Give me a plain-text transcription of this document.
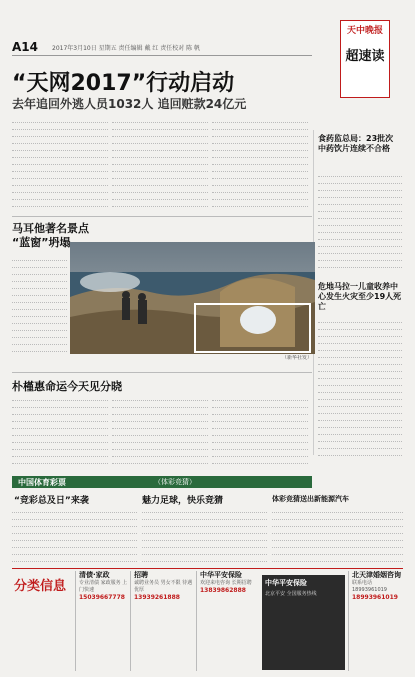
A14 2017年3月10日 星期五 责任编辑 戴 红 责任校对 陈 帆
天中晚报
超速读
“天网2017”行动启动
去年追回外逃人员1032人 追回赃款24亿元
食药监总局：23批次中药饮片连续不合格
危地马拉一儿童收养中心发生火灾至少19人死亡
马耳他著名景点
“蓝窗”坍塌
（新华社发）
朴槿惠命运今天见分晓
中国体育彩票	（体彩竞猜）
“竞彩总及日”来袭	魅力足球，快乐竞猜	体彩竞猜送出新能源汽车
分类信息
清债·家政
专业清债 家政服务 上门快速
15039667778
招聘
诚聘业务员 男女不限 待遇优厚
13939261888
中华平安保险
欢迎来电咨询 长期招聘
13839862888
中华平安保险
北京平安 全国服务热线
北天津婚姻咨询
联系电话 18993961019
18993961019
